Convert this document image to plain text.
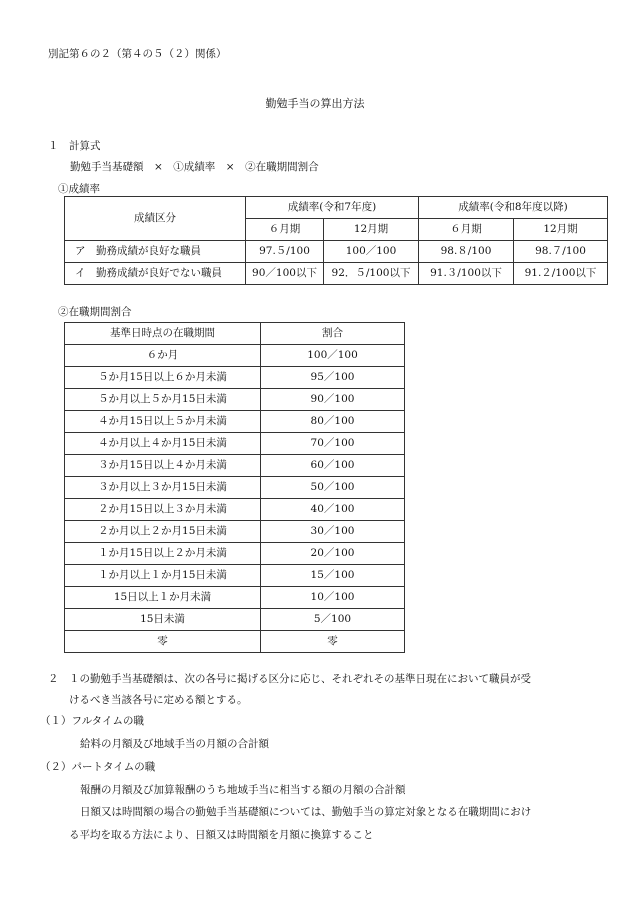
別記第６の２（第４の５（２）関係）
勤勉手当の算出方法
１　計算式
勤勉手当基礎額　×　①成績率　×　②在職期間割合
①成績率
成績区分	成績率(令和7年度)		成績率(令和8年度以降)	
	６月期	12月期	６月期	12月期
ア　勤務成績が良好な職員	97.５/100	100／100	98.８/100	98.７/100
イ　勤務成績が良好でない職員	90／100以下	92．５/100以下	91.３/100以下	91.２/100以下
②在職期間割合
基準日時点の在職期間	割合
６か月	100／100
５か月15日以上６か月未満	95／100
５か月以上５か月15日未満	90／100
４か月15日以上５か月未満	80／100
４か月以上４か月15日未満	70／100
３か月15日以上４か月未満	60／100
３か月以上３か月15日未満	50／100
２か月15日以上３か月未満	40／100
２か月以上２か月15日未満	30／100
１か月15日以上２か月未満	20／100
１か月以上１か月15日未満	15／100
15日以上１か月未満	10／100
15日未満	5／100
零	零
２　１の勤勉手当基礎額は、次の各号に掲げる区分に応じ、それぞれその基準日現在において職員が受
けるべき当該各号に定める額とする。
（１）フルタイムの職
給料の月額及び地域手当の月額の合計額
（２）パートタイムの職
報酬の月額及び加算報酬のうち地域手当に相当する額の月額の合計額
日額又は時間額の場合の勤勉手当基礎額については、勤勉手当の算定対象となる在職期間におけ
る平均を取る方法により、日額又は時間額を月額に換算すること
